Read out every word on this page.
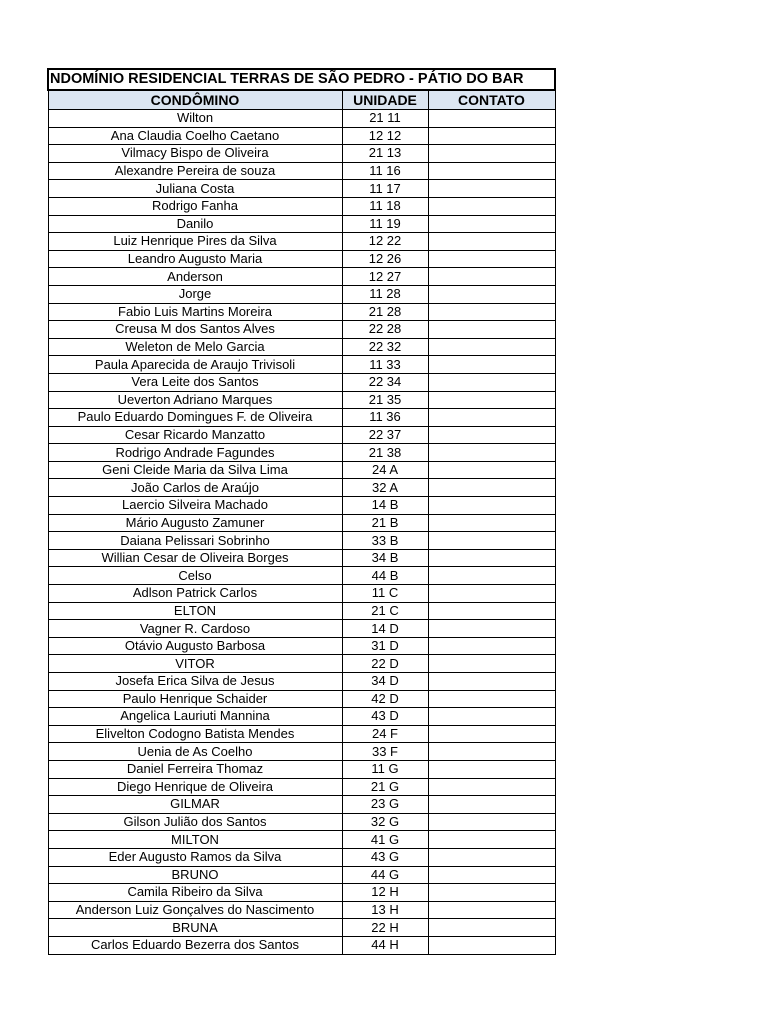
NDOMÍNIO RESIDENCIAL TERRAS DE SÃO PEDRO - PÁTIO DO BAR		
CONDÔMINO	UNIDADE	CONTATO
Wilton	21 11	
Ana Claudia Coelho Caetano	12 12	
Vilmacy Bispo de Oliveira	21 13	
Alexandre Pereira de souza	11 16	
Juliana Costa	11 17	
Rodrigo Fanha	11 18	
Danilo	11 19	
Luiz Henrique Pires da Silva	12 22	
Leandro Augusto Maria	12 26	
Anderson	12 27	
Jorge	11 28	
Fabio Luis Martins Moreira	21 28	
Creusa M dos Santos Alves	22 28	
Weleton de Melo Garcia	22 32	
Paula Aparecida de Araujo Trivisoli	11 33	
Vera Leite dos Santos	22 34	
Ueverton Adriano Marques	21 35	
Paulo Eduardo Domingues F. de Oliveira	11 36	
Cesar Ricardo Manzatto	22 37	
Rodrigo Andrade Fagundes	21 38	
Geni Cleide Maria da Silva Lima	24 A	
João Carlos de Araújo	32 A	
Laercio Silveira Machado	14 B	
Mário Augusto Zamuner	21 B	
Daiana Pelissari Sobrinho	33 B	
Willian Cesar de Oliveira Borges	34 B	
Celso	44 B	
Adlson Patrick Carlos	11 C	
ELTON	21 C	
Vagner R. Cardoso	14 D	
Otávio Augusto Barbosa	31 D	
VITOR	22 D	
Josefa Erica Silva de Jesus	34 D	
Paulo Henrique Schaider	42 D	
Angelica Lauriuti Mannina	43 D	
Elivelton Codogno Batista Mendes	24 F	
Uenia de As Coelho	33 F	
Daniel Ferreira Thomaz	11 G	
Diego Henrique de Oliveira	21 G	
GILMAR	23 G	
Gilson Julião dos Santos	32 G	
MILTON	41 G	
Eder Augusto Ramos da Silva	43 G	
BRUNO	44 G	
Camila Ribeiro da Silva	12 H	
Anderson Luiz Gonçalves do Nascimento	13 H	
BRUNA	22 H	
Carlos Eduardo Bezerra dos Santos	44 H	
